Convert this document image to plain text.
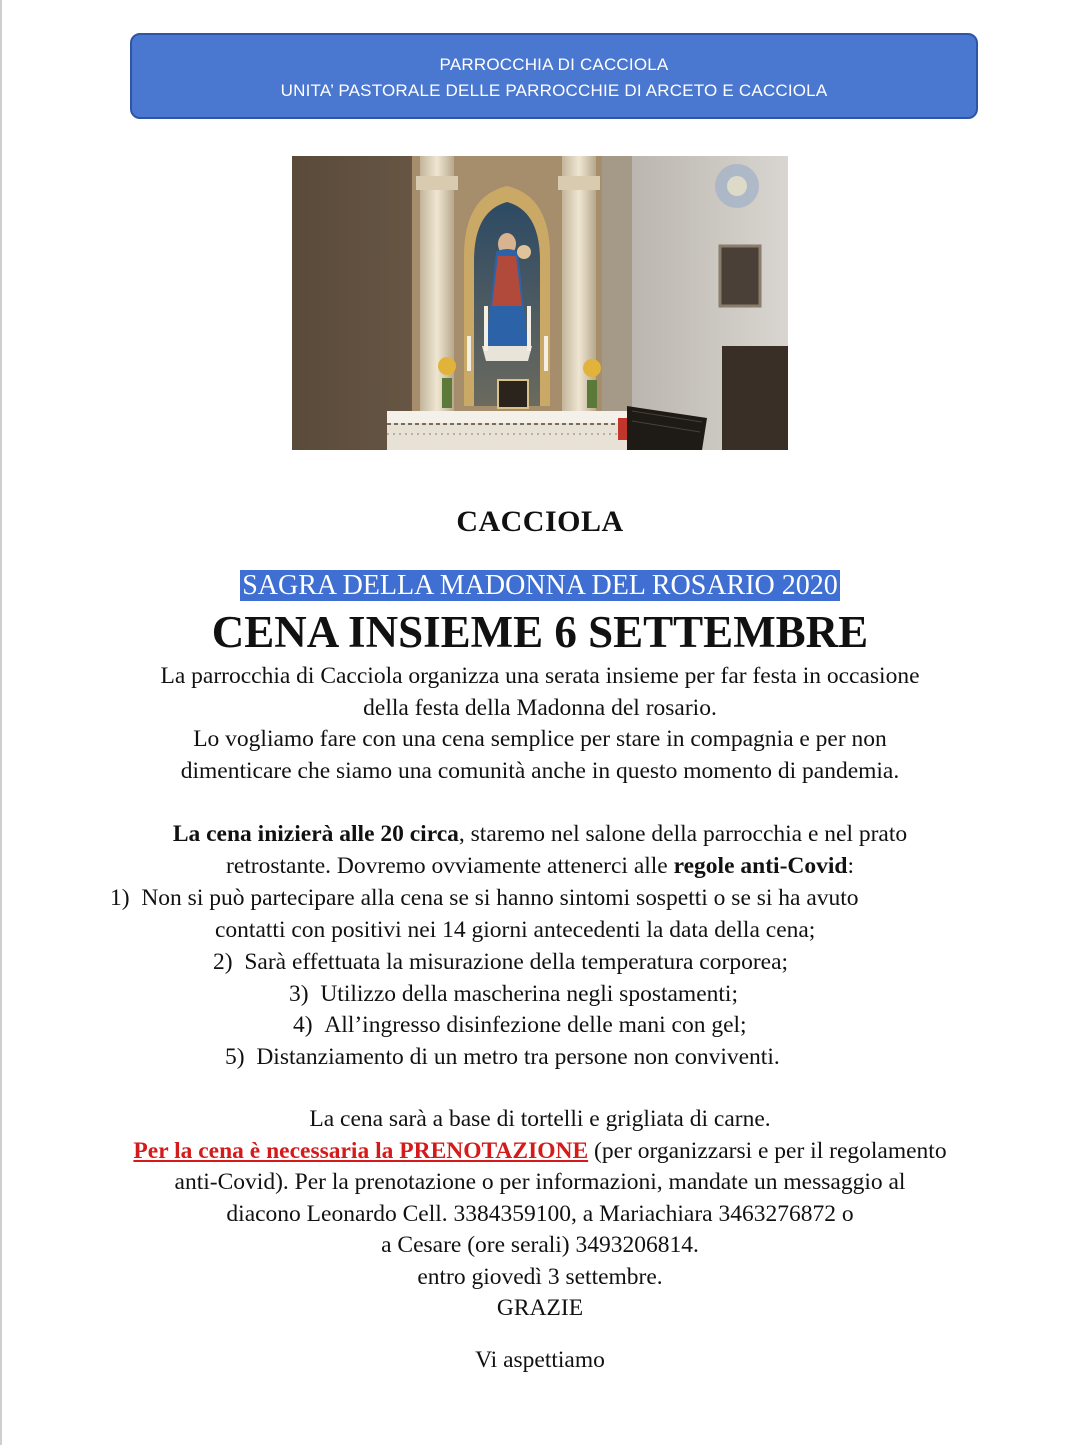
PARROCCHIA DI CACCIOLA
UNITA’ PASTORALE DELLE PARROCCHIE DI ARCETO E CACCIOLA
CACCIOLA
SAGRA DELLA MADONNA DEL ROSARIO 2020
CENA INSIEME 6 SETTEMBRE
La parrocchia di Cacciola organizza una serata insieme per far festa in occasione
della festa della Madonna del rosario.
Lo vogliamo fare con una cena semplice per stare in compagnia e per non
dimenticare che siamo una comunità anche in questo momento di pandemia.
La cena inizierà alle 20 circa, staremo nel salone della parrocchia e nel prato
retrostante. Dovremo ovviamente attenerci alle regole anti-Covid:
1) Non si può partecipare alla cena se si hanno sintomi sospetti o se si ha avuto
contatti con positivi nei 14 giorni antecedenti la data della cena;
2) Sarà effettuata la misurazione della temperatura corporea;
3) Utilizzo della mascherina negli spostamenti;
4) All’ingresso disinfezione delle mani con gel;
5) Distanziamento di un metro tra persone non conviventi.
La cena sarà a base di tortelli e grigliata di carne.
Per la cena è necessaria la PRENOTAZIONE (per organizzarsi e per il regolamento
anti-Covid). Per la prenotazione o per informazioni, mandate un messaggio al
diacono Leonardo Cell. 3384359100, a Mariachiara 3463276872 o
a Cesare (ore serali) 3493206814.
entro giovedì 3 settembre.
GRAZIE
Vi aspettiamo
